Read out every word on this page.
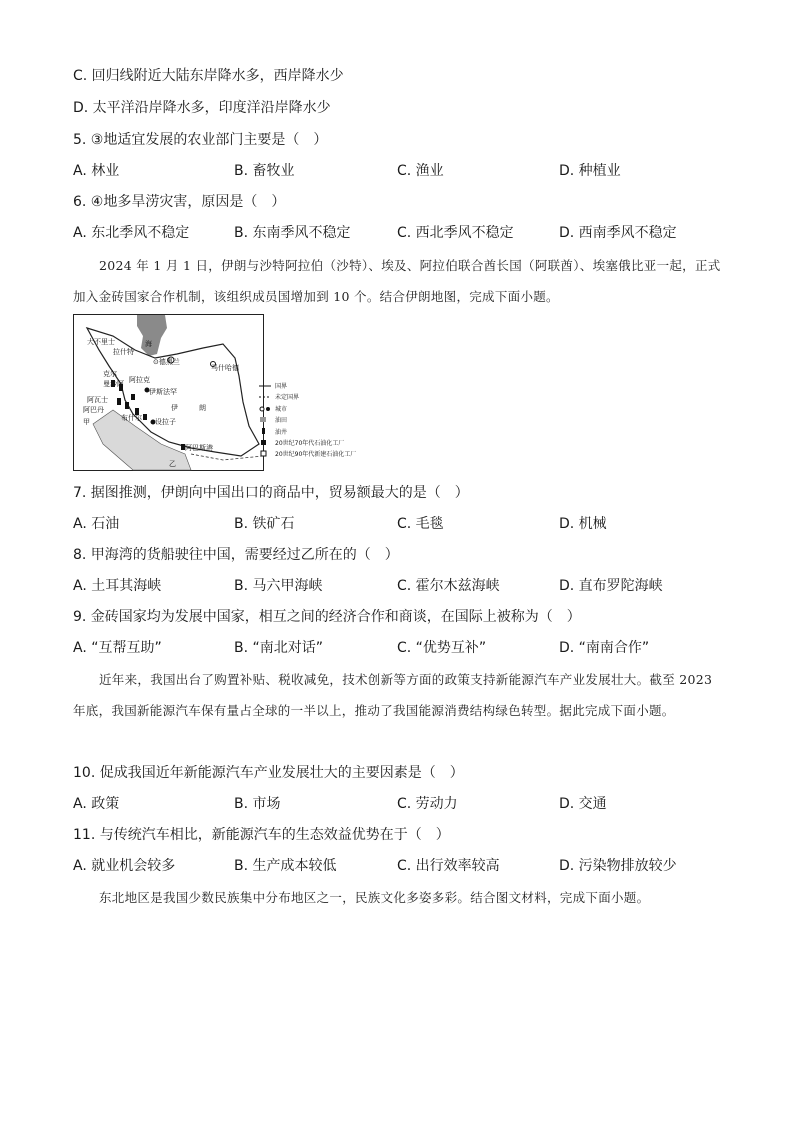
C. 回归线附近大陆东岸降水多，西岸降水少
D. 太平洋沿岸降水多，印度洋沿岸降水少
5. ③地适宜发展的农业部门主要是（　）
A. 林业	B. 畜牧业	C. 渔业	D. 种植业
6. ④地多旱涝灾害，原因是（　）
A. 东北季风不稳定	B. 东南季风不稳定	C. 西北季风不稳定	D. 西南季风不稳定
2024 年 1 月 1 日，伊朗与沙特阿拉伯（沙特）、埃及、阿拉伯联合酋长国（阿联酋）、埃塞俄比亚一起，正式加入金砖国家合作机制，该组织成员国增加到 10 个。结合伊朗地图，完成下面小题。
大不里士
拉什特
海
⊙德黑兰
马什哈德
克尔
曼沙阿 阿拉克
伊斯法罕
阿瓦士
阿巴丹
甲	布什尔 设拉子
伊	朗
阿巴斯港
乙
国界
未定国界
城市
油田
油井
20世纪70年代石油化工厂
20世纪90年代新建石油化工厂
7. 据图推测，伊朗向中国出口的商品中，贸易额最大的是（　）
A. 石油	B. 铁矿石	C. 毛毯	D. 机械
8. 甲海湾的货船驶往中国，需要经过乙所在的（　）
A. 土耳其海峡	B. 马六甲海峡	C. 霍尔木兹海峡	D. 直布罗陀海峡
9. 金砖国家均为发展中国家，相互之间的经济合作和商谈，在国际上被称为（　）
A. “互帮互助”	B. “南北对话”	C. “优势互补”	D. “南南合作”
近年来，我国出台了购置补贴、税收减免，技术创新等方面的政策支持新能源汽车产业发展壮大。截至 2023 年底，我国新能源汽车保有量占全球的一半以上，推动了我国能源消费结构绿色转型。据此完成下面小题。
10. 促成我国近年新能源汽车产业发展壮大的主要因素是（　）
A. 政策	B. 市场	C. 劳动力	D. 交通
11. 与传统汽车相比，新能源汽车的生态效益优势在于（　）
A. 就业机会较多	B. 生产成本较低	C. 出行效率较高	D. 污染物排放较少
东北地区是我国少数民族集中分布地区之一，民族文化多姿多彩。结合图文材料，完成下面小题。
